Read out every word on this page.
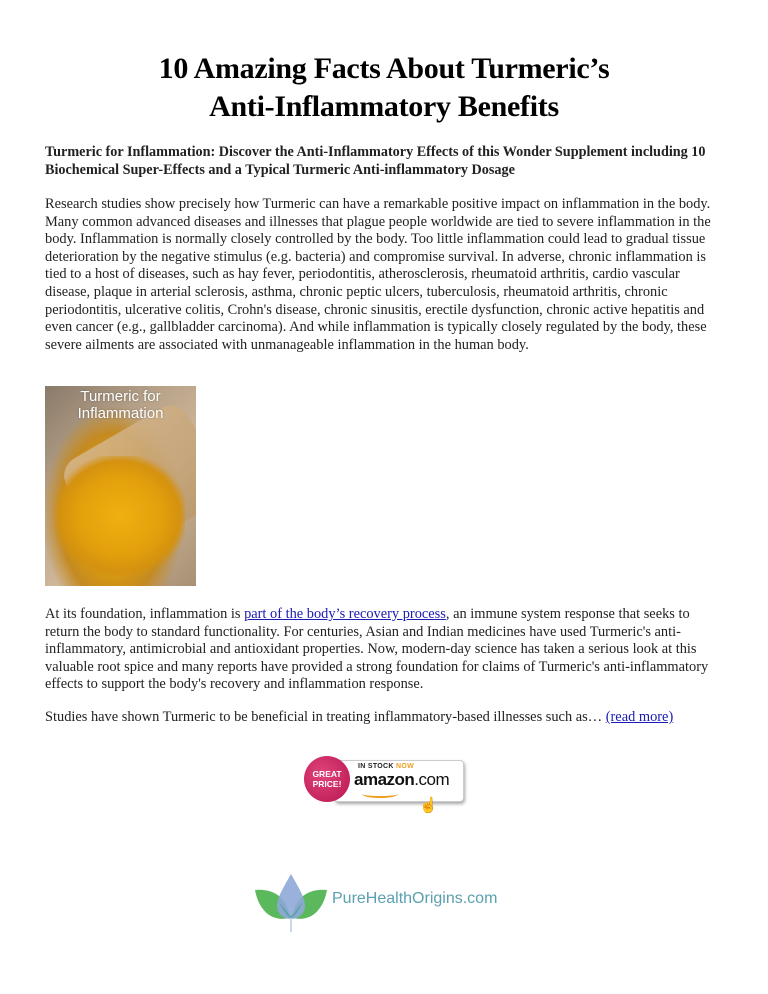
10 Amazing Facts About Turmeric’s
Anti-Inflammatory Benefits
Turmeric for Inflammation: Discover the Anti-Inflammatory Effects of this Wonder Supplement including 10 Biochemical Super-Effects and a Typical Turmeric Anti-inflammatory Dosage
Research studies show precisely how Turmeric can have a remarkable positive impact on inflammation in the body. Many common advanced diseases and illnesses that plague people worldwide are tied to severe inflammation in the body. Inflammation is normally closely controlled by the body. Too little inflammation could lead to gradual tissue deterioration by the negative stimulus (e.g. bacteria) and compromise survival. In adverse, chronic inflammation is tied to a host of diseases, such as hay fever, periodontitis, atherosclerosis, rheumatoid arthritis, cardio vascular disease, plaque in arterial sclerosis, asthma, chronic peptic ulcers, tuberculosis, rheumatoid arthritis, chronic periodontitis, ulcerative colitis, Crohn's disease, chronic sinusitis, erectile dysfunction, chronic active hepatitis and even cancer (e.g., gallbladder carcinoma). And while inflammation is typically closely regulated by the body, these severe ailments are associated with unmanageable inflammation in the human body.
Turmeric for
Inflammation
At its foundation, inflammation is part of the body’s recovery process, an immune system response that seeks to return the body to standard functionality. For centuries, Asian and Indian medicines have used Turmeric's anti-inflammatory, antimicrobial and antioxidant properties. Now, modern-day science has taken a serious look at this valuable root spice and many reports have provided a strong foundation for claims of Turmeric's anti-inflammatory effects to support the body's recovery and inflammation response.
Studies have shown Turmeric to be beneficial in treating inflammatory-based illnesses such as… (read more)
GREAT
PRICE!
IN STOCK NOW
amazon.com
☝
PureHealthOrigins.com
